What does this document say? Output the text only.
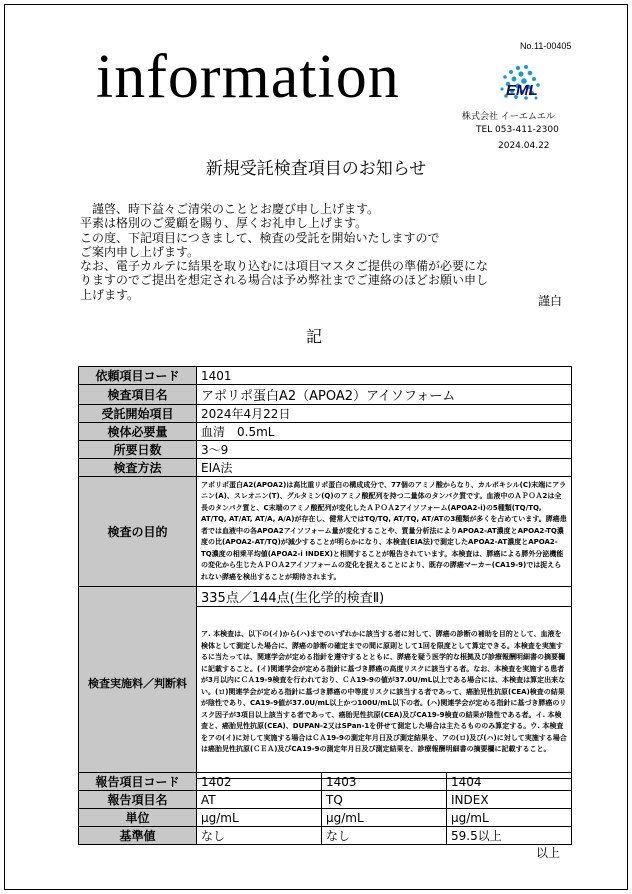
No.11-00405
information	EML
株式会社 イーエムエル
TEL 053-411-2300
2024.04.22
新規受託検査項目のお知らせ

　謹啓、時下益々ご清栄のこととお慶び申し上げます。

平素は格別のご愛顧を賜り、厚くお礼申し上げます。

この度、下記項目につきまして、検査の受託を開始いたしますので

ご案内申し上げます。

なお、電子カルテに結果を取り込むには項目マスタご提供の準備が必要にな

りますのでご提出を想定される場合は予め弊社までご連絡のほどお願い申し

上げます。	謹白
記
依頼項目コード	1401
検査項目名	アポリポ蛋白A2（APOA2）アイソフォーム
受託開始項目	2024年4月22日
検体必要量	血清　0.5mL
所要日数	3～9
検査方法	EIA法
検査の目的	アポリポ蛋白A2(APOA2)は高比重リポ蛋白の構成成分で、77個のアミノ酸からなり、カルボキシル(C)末端にアラニン(A)、スレオニン(T)、グルタミン(Q)のアミノ酸配列を持つ二量体のタンパク質です。血液中のＡＰＯＡ2は全長のタンパク質と、C末端のアミノ酸配列が変化したＡＰＯＡ2アイソフォーム(APOA2-i)の5種類(TQ/TQ, AT/TQ, AT/AT, AT/A, A/A)が存在し、健常人ではTQ/TQ, AT/TQ, AT/ATの3種類が多くを占めています。膵癌患者では血液中の各APOA2アイソフォーム量が変化することや、質量分析法によりAPOA2-AT濃度とAPOA2-TQ濃度の比(APOA2-AT/TQ)が減少することが明らかになり、本検査(EIA法)で測定したAPOA2-AT濃度とAPOA2-TQ濃度の相乗平均値(APOA2-i INDEX)と相関することが報告されています。本検査は、膵癌による膵外分泌機能の変化から生じたＡＰＯＡ2アイソフォームの変化を捉えることにより、既存の膵癌マーカー(CA19-9)では捉えられない膵癌を検出することが期待されます。
検査実施料／判断料	335点／144点(生化学的検査Ⅱ)
	ア. 本検査は、以下の(イ)から(ハ)までのいずれかに該当する者に対して、膵癌の診断の補助を目的として、血液を検体として測定した場合に、膵癌の診断の確定までの間に原則として1回を限度として算定できる。本検査を実施するに当たっては、関連学会が定める指針を遵守するとともに、膵癌を疑う医学的な根拠及び診療報酬明細書の摘要欄に記載すること。(イ)関連学会が定める指針に基づき膵癌の高度リスクに該当する者。なお、本検査を実施する患者が3月以内にＣＡ19-9検査を行われており、ＣＡ19-9の値が37.0U/mL以上である場合には、本検査は算定出来ない。(ロ)関連学会が定める指針に基づき膵癌の中等度リスクに該当する者であって、癌胎児性抗原(CEA)検査の結果が陰性であり、CA19-9値が37.0U/mL以上かつ100U/mL以下の者。(ハ)関連学会が定める指針に基づき膵癌のリスク因子が3項目以上該当する者であって、癌胎児性抗原(CEA)及びCA19-9検査の結果が陰性である者。イ. 本検査と、癌胎児性抗原(CEA)、DUPAN-2又はSPan-1を併せて測定した場合は主たるもののみ算定する。ウ. 本検査をアの(イ)に対して実施する場合はＣＡ19-9の測定年月日及び測定結果を、アの(ロ)及び(ハ)に対して実施する場合は癌胎児性抗原(ＣＥＡ)及びCA19-9の測定年月日及び測定結果を、診療報酬明細書の摘要欄に記載すること。
報告項目コード	1402	1403	1404
報告項目名	AT	TQ	INDEX
単位	μg/mL	μg/mL	μg/mL
基準値	なし	なし	59.5以上
以上
